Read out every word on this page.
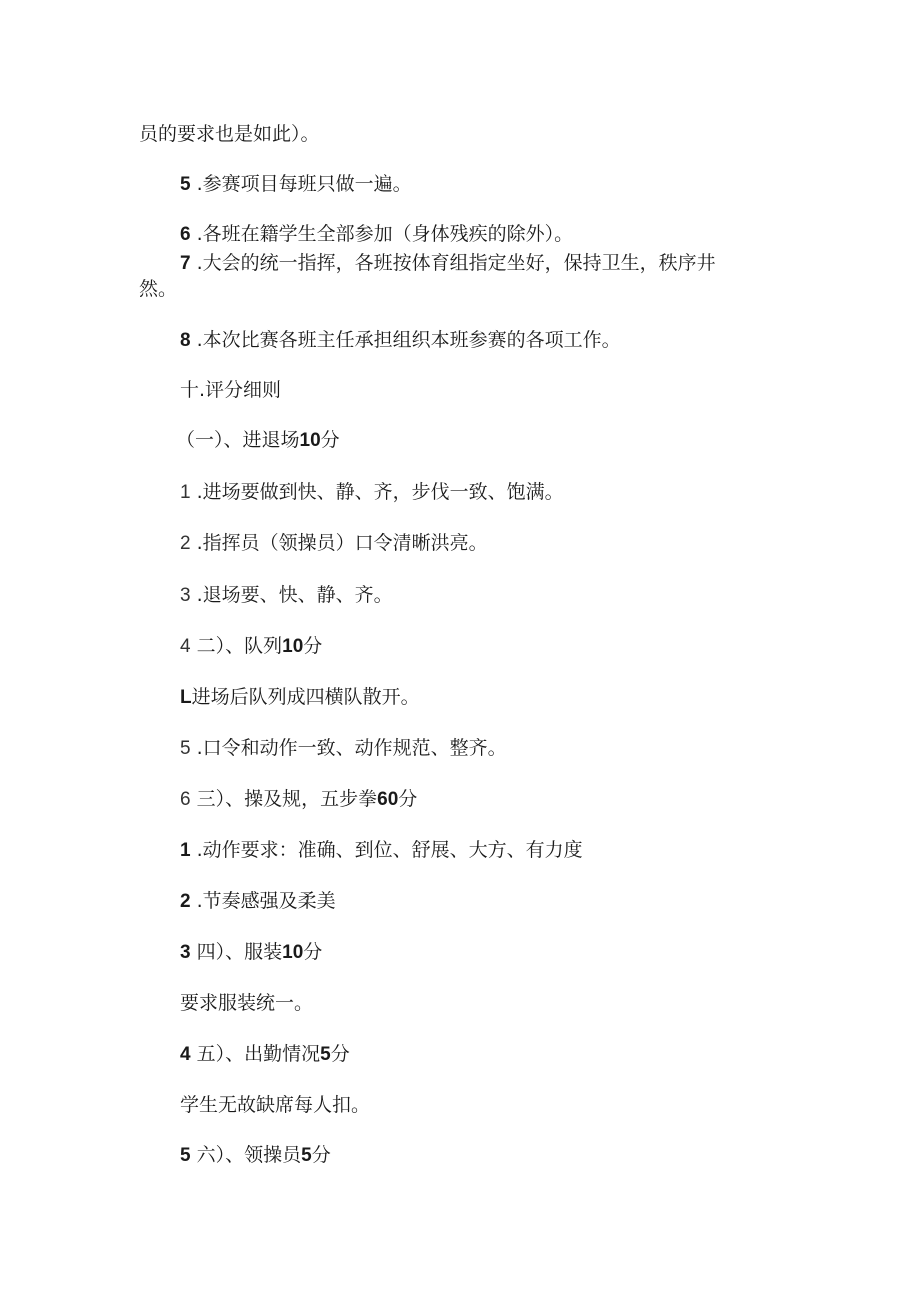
员的要求也是如此）。
5 .参赛项目每班只做一遍。
6 .各班在籍学生全部参加（身体残疾的除外）。
7 .大会的统一指挥，各班按体育组指定坐好，保持卫生，秩序井
然。
8 .本次比赛各班主任承担组织本班参赛的各项工作。
十.评分细则
（一）、进退场10分
1 .进场要做到快、静、齐，步伐一致、饱满。
2 .指挥员（领操员）口令清晰洪亮。
3 .退场要、快、静、齐。
4 二）、队列10分
L进场后队列成四横队散开。
5 .口令和动作一致、动作规范、整齐。
6 三）、操及规，五步拳60分
1 .动作要求：准确、到位、舒展、大方、有力度
2 .节奏感强及柔美
3 四）、服装10分
要求服装统一。
4 五）、出勤情况5分
学生无故缺席每人扣。
5 六）、领操员5分
